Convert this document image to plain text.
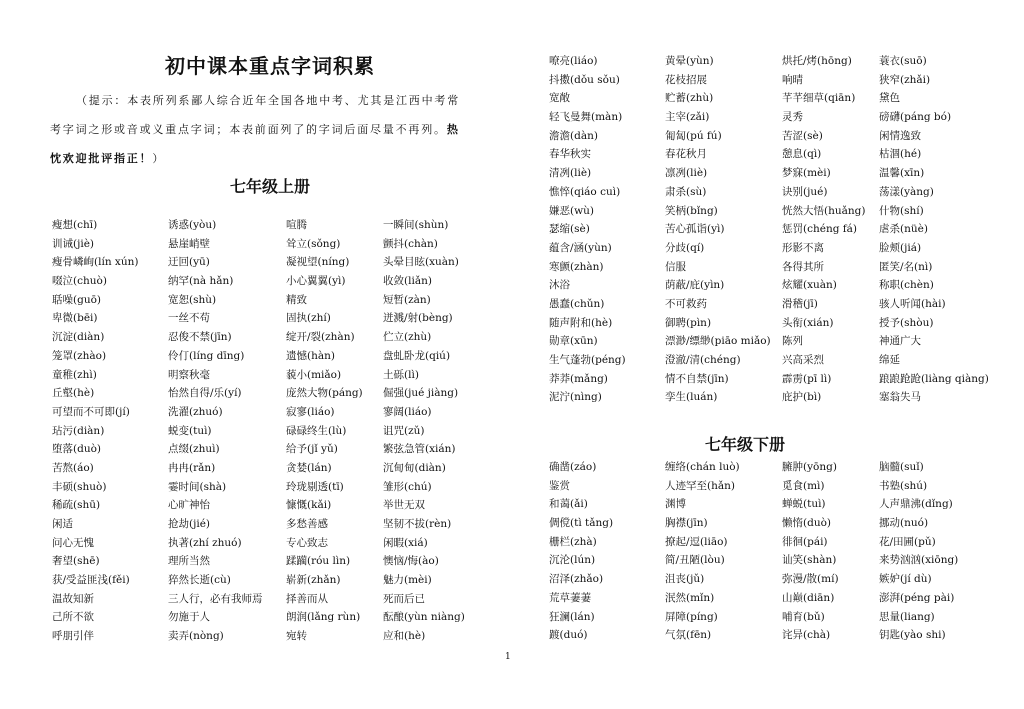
初中课本重点字词积累
（提示：本表所列系鄙人综合近年全国各地中考、尤其是江西中考常
考字词之形或音或义重点字词；本表前面列了的字词后面尽量不再列。热
忱欢迎批评指正！）
七年级上册
瘦想(chī)	诱惑(yòu)	喧腾	一瞬间(shùn)
训诫(jiè)	悬崖峭壁	耸立(sǒng)	颤抖(chàn)
瘦骨嶙峋(lín xún)	迂回(yū)	凝视望(níng)	头晕目眩(xuàn)
啜泣(chuò)	纳罕(nà hǎn)	小心翼翼(yì)	收敛(liǎn)
聒噪(guō)	宽恕(shù)	精致	短暂(zàn)
卑微(bēi)	一丝不苟	固执(zhí)	迸溅/射(bèng)
沉淀(diàn)	忍俊不禁(jīn)	绽开/裂(zhàn)	伫立(zhù)
笼罩(zhào)	伶仃(líng dīng)	遗憾(hàn)	盘虬卧龙(qiú)
童稚(zhì)	明察秋毫	藐小(miǎo)	土砾(lì)
丘壑(hè)	怡然自得/乐(yí)	庞然大物(páng)	倔强(jué jiàng)
可望而不可即(jí)	洗濯(zhuó)	寂寥(liáo)	寥阔(liáo)
玷污(diàn)	蜕变(tuì)	碌碌终生(lù)	诅咒(zǔ)
堕落(duò)	点缀(zhuì)	给予(jǐ yǔ)	繁弦急管(xián)
苦熬(áo)	冉冉(rǎn)	贪婪(lán)	沉甸甸(diàn)
丰硕(shuò)	霎时间(shà)	玲珑剔透(tī)	雏形(chú)
稀疏(shū)	心旷神怡	慷慨(kǎi)	举世无双
闲适	抢劫(jié)	多愁善感	坚韧不拔(rèn)
问心无愧	执著(zhí zhuó)	专心致志	闲暇(xiá)
奢望(shē)	理所当然	蹂躏(róu lìn)	懊恼/悔(ào)
获/受益匪浅(fěi)	猝然长逝(cù)	崭新(zhǎn)	魅力(mèi)
温故知新	三人行，必有我师焉	择善而从	死而后已
己所不欲	勿施于人	朗润(lǎng rùn)	酝酿(yùn niàng)
呼朋引伴	卖弄(nòng)	宛转	应和(hè)
嘹亮(liáo)	黄晕(yùn)	烘托/烤(hōng)	蓑衣(suō)
抖擞(dǒu sǒu)	花枝招展	响晴	狭窄(zhǎi)
宽敞	贮蓄(zhù)	芊芊细草(qiān)	黛色
轻飞曼舞(màn)	主宰(zǎi)	灵秀	磅礴(páng bó)
澹澹(dàn)	匍匐(pú fú)	苦涩(sè)	闲情逸致
春华秋实	春花秋月	憩息(qì)	枯涸(hé)
清冽(liè)	凛冽(liè)	梦寐(mèi)	温馨(xīn)
憔悴(qiáo cuì)	肃杀(sù)	诀别(jué)	荡漾(yàng)
嫌恶(wù)	笑柄(bǐng)	恍然大悟(huǎng)	什物(shí)
瑟缩(sè)	苦心孤诣(yì)	惩罚(chéng fá)	虐杀(nüè)
蕴含/涵(yùn)	分歧(qí)	形影不离	脸颊(jiá)
寒颤(zhàn)	信服	各得其所	匿笑/名(nì)
沐浴	荫蔽/庇(yìn)	炫耀(xuàn)	称职(chèn)
愚蠢(chǔn)	不可救药	滑稽(jī)	骇人听闻(hài)
随声附和(hè)	御聘(pìn)	头衔(xián)	授予(shòu)
勋章(xūn)	漂渺/缥缈(piāo miǎo)	陈列	神通广大
生气蓬勃(péng)	澄澈/清(chéng)	兴高采烈	绵延
莽莽(mǎng)	情不自禁(jīn)	霹雳(pī lì)	踉踉跄跄(liàng qiàng)
泥泞(nìng)	孪生(luán)	庇护(bì)	塞翁失马
七年级下册
确凿(záo)	缠络(chán luò)	臃肿(yōng)	脑髓(suǐ)
鉴赏	人迹罕至(hǎn)	觅食(mì)	书塾(shú)
和蔼(ǎi)	渊博	蝉蜕(tuì)	人声鼎沸(dǐng)
倜傥(tì tǎng)	胸襟(jīn)	懒惰(duò)	挪动(nuó)
栅栏(zhà)	撩起/逗(liāo)	徘徊(pái)	花/田圃(pǔ)
沉沦(lún)	简/丑陋(lòu)	讪笑(shàn)	来势汹汹(xiōng)
沼泽(zhǎo)	沮丧(jǔ)	弥漫/散(mí)	嫉妒(jí dù)
荒草萋萋	泯然(mǐn)	山巅(diān)	澎湃(péng pài)
狂澜(lán)	屏障(píng)	哺育(bǔ)	思量(liang)
踱(duó)	气氛(fēn)	诧异(chà)	钥匙(yào shi)
1
